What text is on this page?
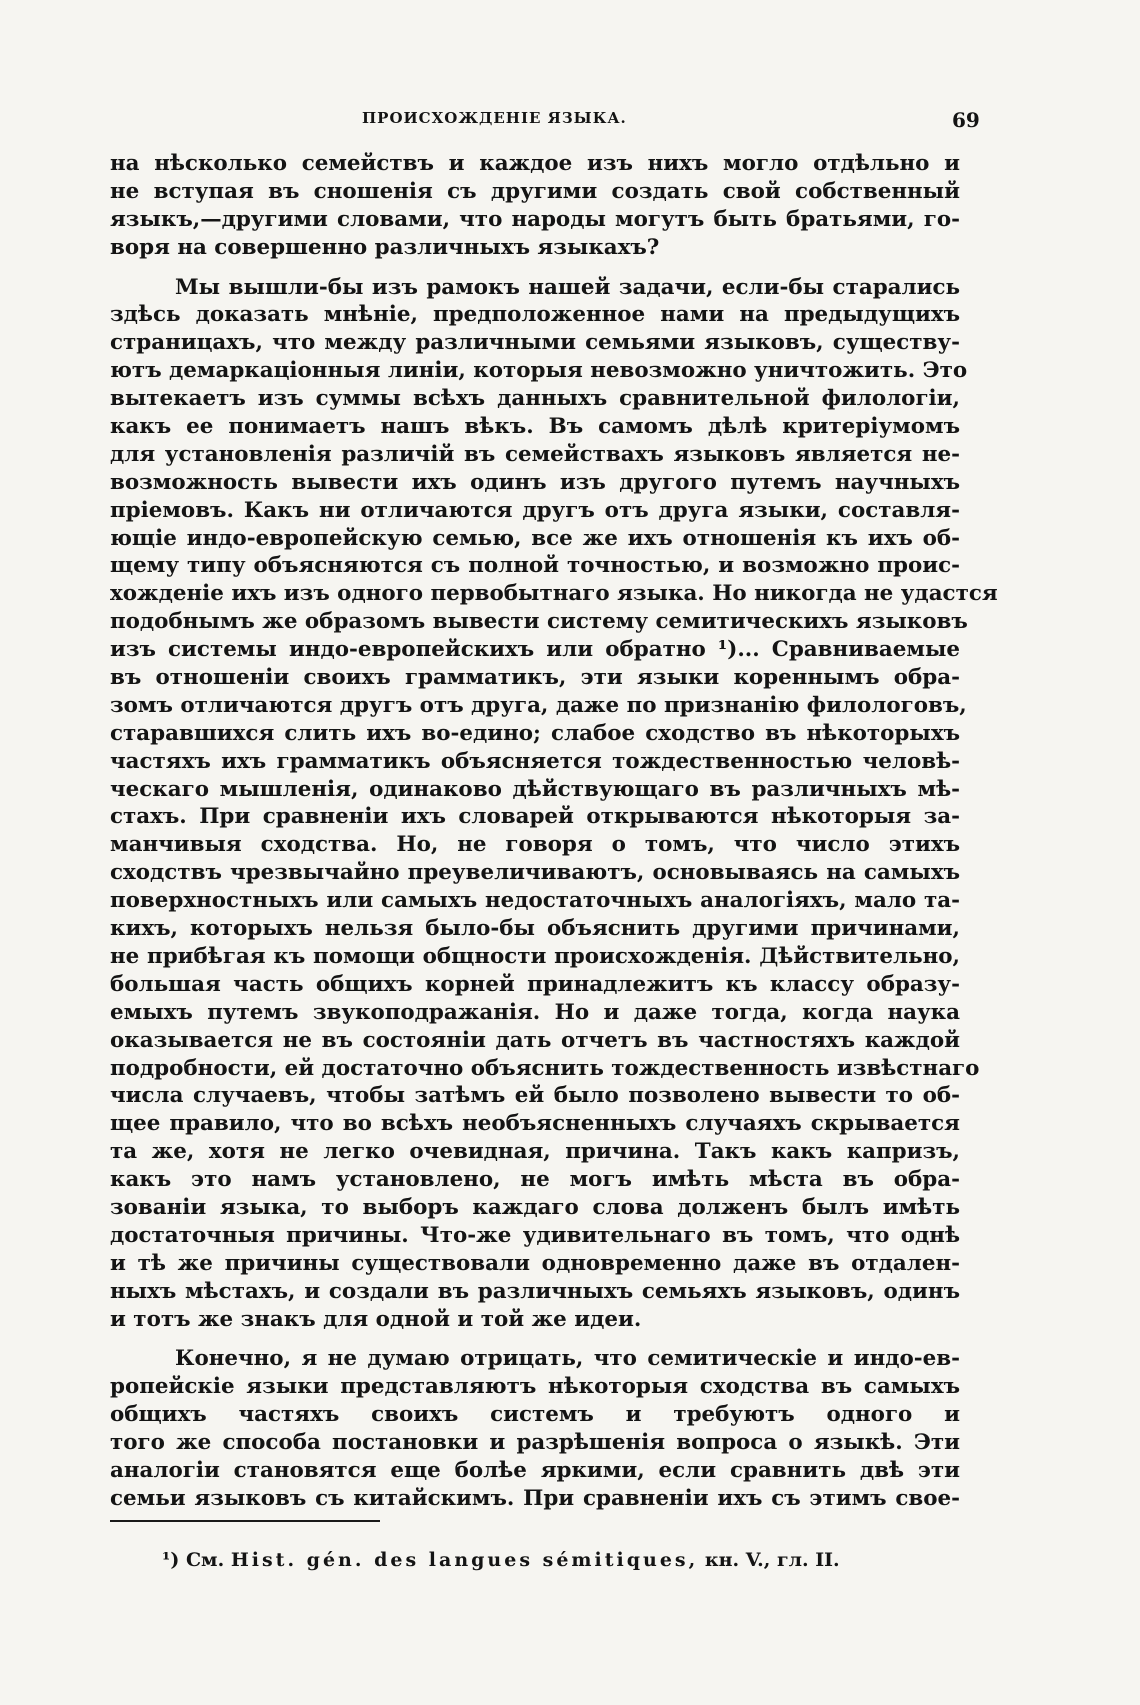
ПРОИСХОЖДЕНІЕ ЯЗЫКА.	69
на нѣсколько семействъ и каждое изъ нихъ могло отдѣльно и
не вступая въ сношенія съ другими создать свой собственный
языкъ,—другими словами, что народы могутъ быть братьями, го-
воря на совершенно различныхъ языкахъ?
Мы вышли-бы изъ рамокъ нашей задачи, если-бы старались
здѣсь доказать мнѣніе, предположенное нами на предыдущихъ
страницахъ, что между различными семьями языковъ, существу-
ютъ демаркаціонныя линіи, которыя невозможно уничтожить. Это
вытекаетъ изъ суммы всѣхъ данныхъ сравнительной филологіи,
какъ ее понимаетъ нашъ вѣкъ. Въ самомъ дѣлѣ критеріумомъ
для установленія различій въ семействахъ языковъ является не-
возможность вывести ихъ одинъ изъ другого путемъ научныхъ
пріемовъ. Какъ ни отличаются другъ отъ друга языки, составля-
ющіе индо-европейскую семью, все же ихъ отношенія къ ихъ об-
щему типу объясняются съ полной точностью, и возможно проис-
хожденіе ихъ изъ одного первобытнаго языка. Но никогда не удастся
подобнымъ же образомъ вывести систему семитическихъ языковъ
изъ системы индо-европейскихъ или обратно ¹)... Сравниваемые
въ отношеніи своихъ грамматикъ, эти языки кореннымъ обра-
зомъ отличаются другъ отъ друга, даже по признанію филологовъ,
старавшихся слить ихъ во-едино; слабое сходство въ нѣкоторыхъ
частяхъ ихъ грамматикъ объясняется тождественностью человѣ-
ческаго мышленія, одинаково дѣйствующаго въ различныхъ мѣ-
стахъ. При сравненіи ихъ словарей открываются нѣкоторыя за-
манчивыя сходства. Но, не говоря о томъ, что число этихъ
сходствъ чрезвычайно преувеличиваютъ, основываясь на самыхъ
поверхностныхъ или самыхъ недостаточныхъ аналогіяхъ, мало та-
кихъ, которыхъ нельзя было-бы объяснить другими причинами,
не прибѣгая къ помощи общности происхожденія. Дѣйствительно,
большая часть общихъ корней принадлежитъ къ классу образу-
емыхъ путемъ звукоподражанія. Но и даже тогда, когда наука
оказывается не въ состояніи дать отчетъ въ частностяхъ каждой
подробности, ей достаточно объяснить тождественность извѣстнаго
числа случаевъ, чтобы затѣмъ ей было позволено вывести то об-
щее правило, что во всѣхъ необъясненныхъ случаяхъ скрывается
та же, хотя не легко очевидная, причина. Такъ какъ капризъ,
какъ это намъ установлено, не могъ имѣть мѣста въ обра-
зованіи языка, то выборъ каждаго слова долженъ былъ имѣть
достаточныя причины. Что-же удивительнаго въ томъ, что однѣ
и тѣ же причины существовали одновременно даже въ отдален-
ныхъ мѣстахъ, и создали въ различныхъ семьяхъ языковъ, одинъ
и тотъ же знакъ для одной и той же идеи.
Конечно, я не думаю отрицать, что семитическіе и индо-ев-
ропейскіе языки представляютъ нѣкоторыя сходства въ самыхъ
общихъ частяхъ своихъ системъ и требуютъ одного и
того же способа постановки и разрѣшенія вопроса о языкѣ. Эти
аналогіи становятся еще болѣе яркими, если сравнить двѣ эти
семьи языковъ съ китайскимъ. При сравненіи ихъ съ этимъ свое-
¹) См. Hist. gén. des langues sémitiques, кн. V., гл. II.
